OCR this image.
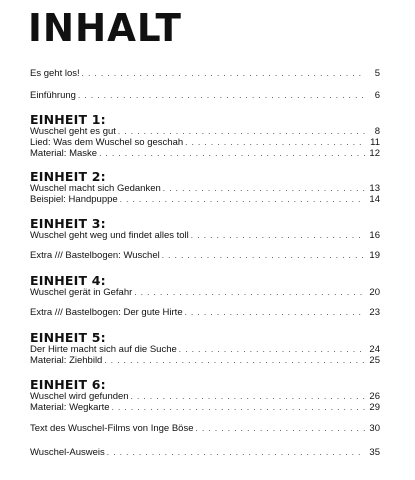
INHALT
Es geht los! . . .	5
Einführung . . .	6
EINHEIT 1:
Wuschel geht es gut . . .	8
Lied: Was dem Wuschel so geschah . . .	11
Material: Maske . . .	12
EINHEIT 2:
Wuschel macht sich Gedanken . . .	13
Beispiel: Handpuppe . . .	14
EINHEIT 3:
Wuschel geht weg und findet alles toll . . .	16
Extra /// Bastelbogen: Wuschel . . .	19
EINHEIT 4:
Wuschel gerät in Gefahr . . .	20
Extra /// Bastelbogen: Der gute Hirte . . .	23
EINHEIT 5:
Der Hirte macht sich auf die Suche . . .	24
Material: Ziehbild . . .	25
EINHEIT 6:
Wuschel wird gefunden . . .	26
Material: Wegkarte . . .	29
Text des Wuschel-Films von Inge Böse . . .	30
Wuschel-Ausweis . . .	35
